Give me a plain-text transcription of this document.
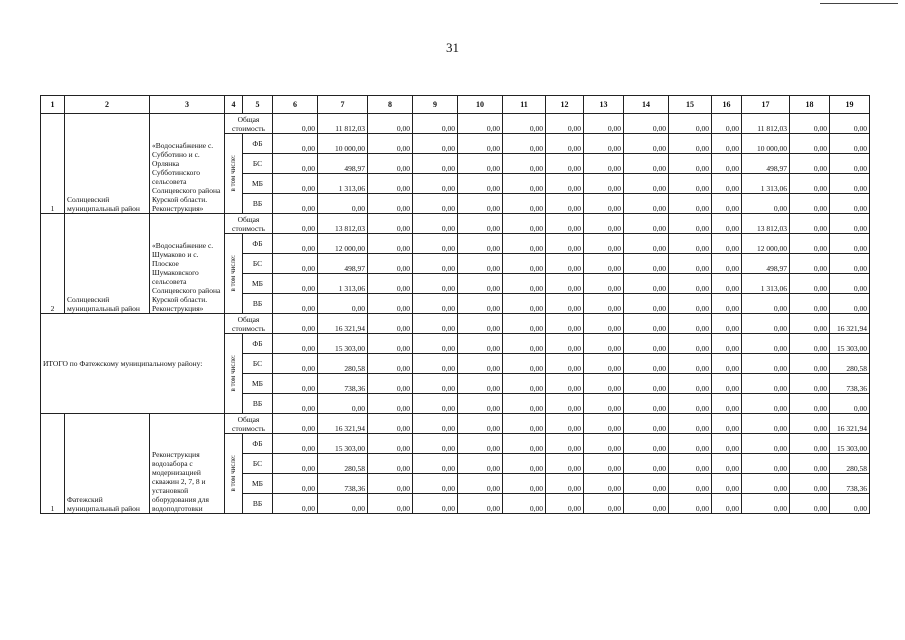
31
1	2	3	4	5	6	7	8	9	10	11	12	13	14	15	16	17	18	19
1	Солнцевский муниципальный район	«Водоснабжение с. Субботино и с. Орлянка Субботинского сельсовета Солнцевского района Курской области. Реконструкция»	Общая стоимость		0,00	11 812,03	0,00	0,00	0,00	0,00	0,00	0,00	0,00	0,00	0,00	11 812,03	0,00	0,00

			в том числе:	ФБ	0,00	10 000,00	0,00	0,00	0,00	0,00	0,00	0,00	0,00	0,00	0,00	10 000,00	0,00	0,00
				БС	0,00	498,97	0,00	0,00	0,00	0,00	0,00	0,00	0,00	0,00	0,00	498,97	0,00	0,00
				МБ	0,00	1 313,06	0,00	0,00	0,00	0,00	0,00	0,00	0,00	0,00	0,00	1 313,06	0,00	0,00
				ВБ	0,00	0,00	0,00	0,00	0,00	0,00	0,00	0,00	0,00	0,00	0,00	0,00	0,00	0,00
2	Солнцевский муниципальный район	«Водоснабжение с. Шумаково и с. Плоское Шумаковского сельсовета Солнцевского района Курской области. Реконструкция»	Общая стоимость		0,00	13 812,03	0,00	0,00	0,00	0,00	0,00	0,00	0,00	0,00	0,00	13 812,03	0,00	0,00

			в том числе:	ФБ	0,00	12 000,00	0,00	0,00	0,00	0,00	0,00	0,00	0,00	0,00	0,00	12 000,00	0,00	0,00
				БС	0,00	498,97	0,00	0,00	0,00	0,00	0,00	0,00	0,00	0,00	0,00	498,97	0,00	0,00
				МБ	0,00	1 313,06	0,00	0,00	0,00	0,00	0,00	0,00	0,00	0,00	0,00	1 313,06	0,00	0,00
				ВБ	0,00	0,00	0,00	0,00	0,00	0,00	0,00	0,00	0,00	0,00	0,00	0,00	0,00	0,00
ИТОГО по Фатежскому муниципальному району:			Общая стоимость		0,00	16 321,94	0,00	0,00	0,00	0,00	0,00	0,00	0,00	0,00	0,00	0,00	0,00	16 321,94

			в том числе:	ФБ	0,00	15 303,00	0,00	0,00	0,00	0,00	0,00	0,00	0,00	0,00	0,00	0,00	0,00	15 303,00
				БС	0,00	280,58	0,00	0,00	0,00	0,00	0,00	0,00	0,00	0,00	0,00	0,00	0,00	280,58
				МБ	0,00	738,36	0,00	0,00	0,00	0,00	0,00	0,00	0,00	0,00	0,00	0,00	0,00	738,36
				ВБ	0,00	0,00	0,00	0,00	0,00	0,00	0,00	0,00	0,00	0,00	0,00	0,00	0,00	0,00
1	Фатежский муниципальный район	Реконструкция водозабора с модернизацией скважин 2, 7, 8 и установкой оборудования для водоподготовки	Общая стоимость		0,00	16 321,94	0,00	0,00	0,00	0,00	0,00	0,00	0,00	0,00	0,00	0,00	0,00	16 321,94

			в том числе:	ФБ	0,00	15 303,00	0,00	0,00	0,00	0,00	0,00	0,00	0,00	0,00	0,00	0,00	0,00	15 303,00
				БС	0,00	280,58	0,00	0,00	0,00	0,00	0,00	0,00	0,00	0,00	0,00	0,00	0,00	280,58
				МБ	0,00	738,36	0,00	0,00	0,00	0,00	0,00	0,00	0,00	0,00	0,00	0,00	0,00	738,36
				ВБ	0,00	0,00	0,00	0,00	0,00	0,00	0,00	0,00	0,00	0,00	0,00	0,00	0,00	0,00
